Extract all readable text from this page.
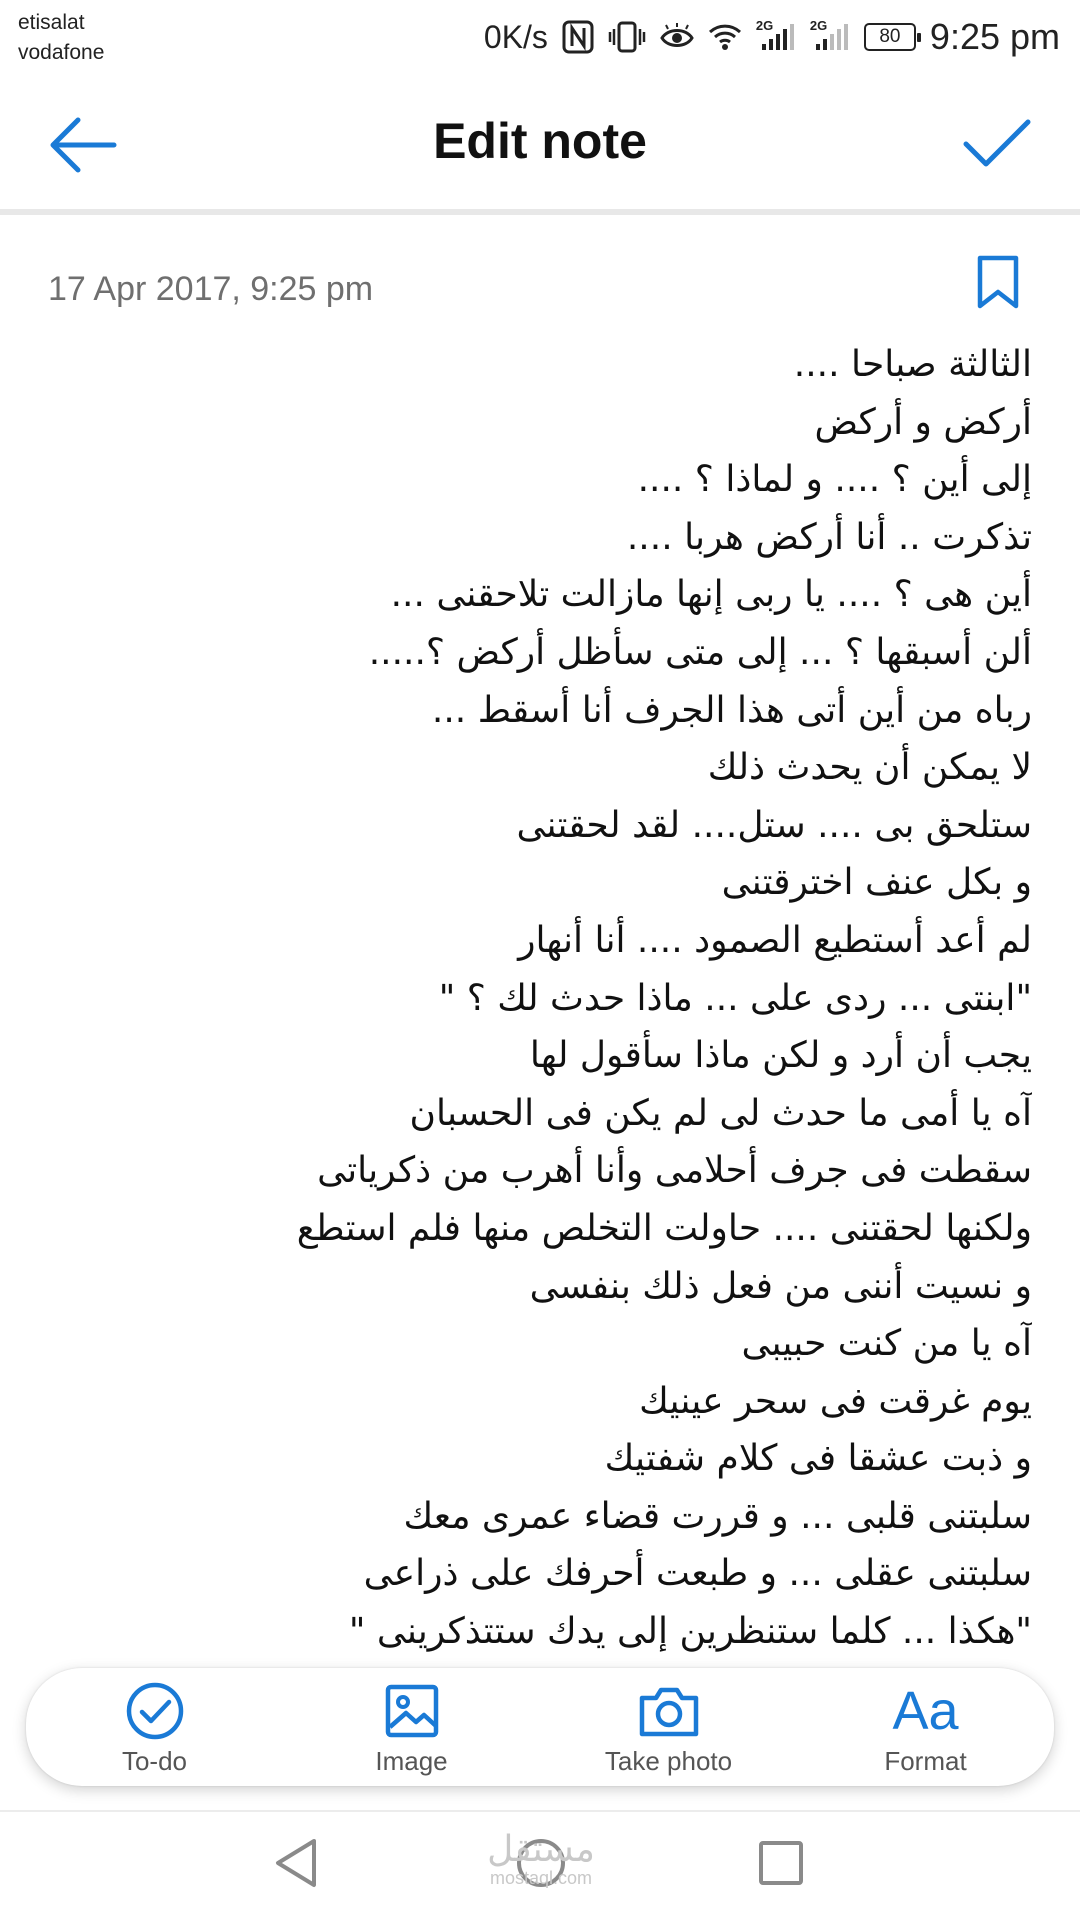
etisalat
vodafone	0K/s	2G	2G
80 9:25 pm
Edit note
17 Apr 2017, 9:25 pm
الثالثة صباحا ....
أركض و أركض
إلى أين ؟ .... و لماذا ؟ ....
تذكرت .. أنا أركض هربا ....
أين هى ؟ .... يا ربى إنها مازالت تلاحقنى ...
ألن أسبقها ؟ ... إلى متى سأظل أركض ؟.....
رباه من أين أتى هذا الجرف أنا أسقط ...
لا يمكن أن يحدث ذلك
ستلحق بى .... ستل.... لقد لحقتنى
و بكل عنف اخترقتنى
لم أعد أستطيع الصمود .... أنا أنهار
"ابنتى ... ردى على ... ماذا حدث لك ؟ "
يجب أن أرد و لكن ماذا سأقول لها
آه يا أمى ما حدث لى لم يكن فى الحسبان
سقطت فى جرف أحلامى وأنا أهرب من ذكرياتى
ولكنها لحقتنى .... حاولت التخلص منها فلم استطع
و نسيت أننى من فعل ذلك بنفسى
آه يا من كنت حبيبى
يوم غرقت فى سحر عينيك
و ذبت عشقا فى كلام شفتيك
سلبتنى قلبى ... و قررت قضاء عمرى معك
سلبتنى عقلى ... و طبعت أحرفك على ذراعى
"هكذا ... كلما ستنظرين إلى يدك ستتذكرينى "
To-do	Image	Take photo
Aa
Format
مستقل
mostaql.com
